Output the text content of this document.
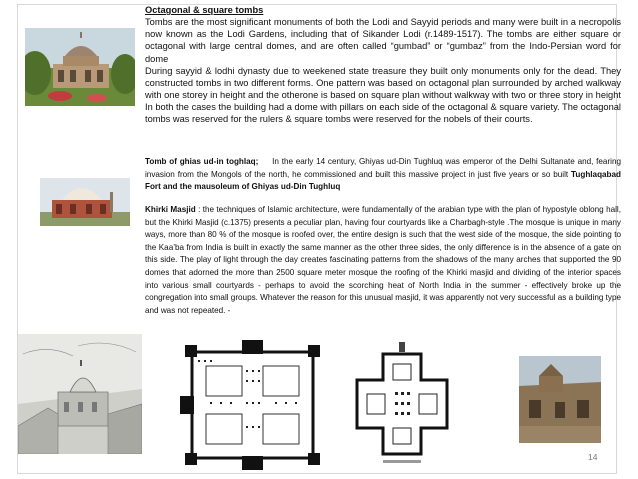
Octagonal & square tombs

Tombs are the most significant monuments of both the Lodi and Sayyid periods and many were built in a necropolis now known as the Lodi Gardens, including that of Sikander Lodi (r.1489-1517). The tombs are either square or octagonal with large central domes, and are often called “gumbad” or “gumbaz” from the Indo-Persian word for dome

During sayyid & lodhi dynasty due to weekened state treasure they built only monuments only for the dead. They constructed tombs in two different forms. One pattern was based on octagonal plan surrounded by arched walkway with one storey in height and the otherone is based on square plan without walkway with two or three story in height In both the cases the building had a dome with pillars on each side of the octagonal & square variety. The octagonal tombs was reserved for the rulers & square tombs were reserved for the nobels of their courts.

Tomb of ghias ud-in toghlaq; In the early 14 century, Ghiyas ud-Din Tughluq was emperor of the Delhi Sultanate and, fearing invasion from the Mongols of the north, he commissioned and built this massive project in just five years or so built Tughlaqabad Fort and the mausoleum of Ghiyas ud-Din Tughluq

Khirki Masjid : the techniques of Islamic architecture, were fundamentally of the arabian type with the plan of hypostyle oblong hall, but the Khirki Masjid (c.1375) presents a peculiar plan, having four courtyards like a Charbagh-style .The mosque is unique in many ways, more than 80 % of the mosque is roofed over, the entire design is such that the west side of the mosque, the side pointing to the Kaa’ba from India is built in exactly the same manner as the other three sides, the only difference is in the absence of a gate on this side. The play of light through the day creates fascinating patterns from the shadows of the many arches that supported the 90 domes that adorned the more than 2500 square meter mosque the roofing of the Khirki masjid and dividing of the interior spaces into various small courtyards - perhaps to avoid the scorching heat of North India in the summer - effectively broke up the congregation into small groups. Whatever the reason for this unusual masjid, it was apparently not very successful as a building type and was not repeated. -

14
